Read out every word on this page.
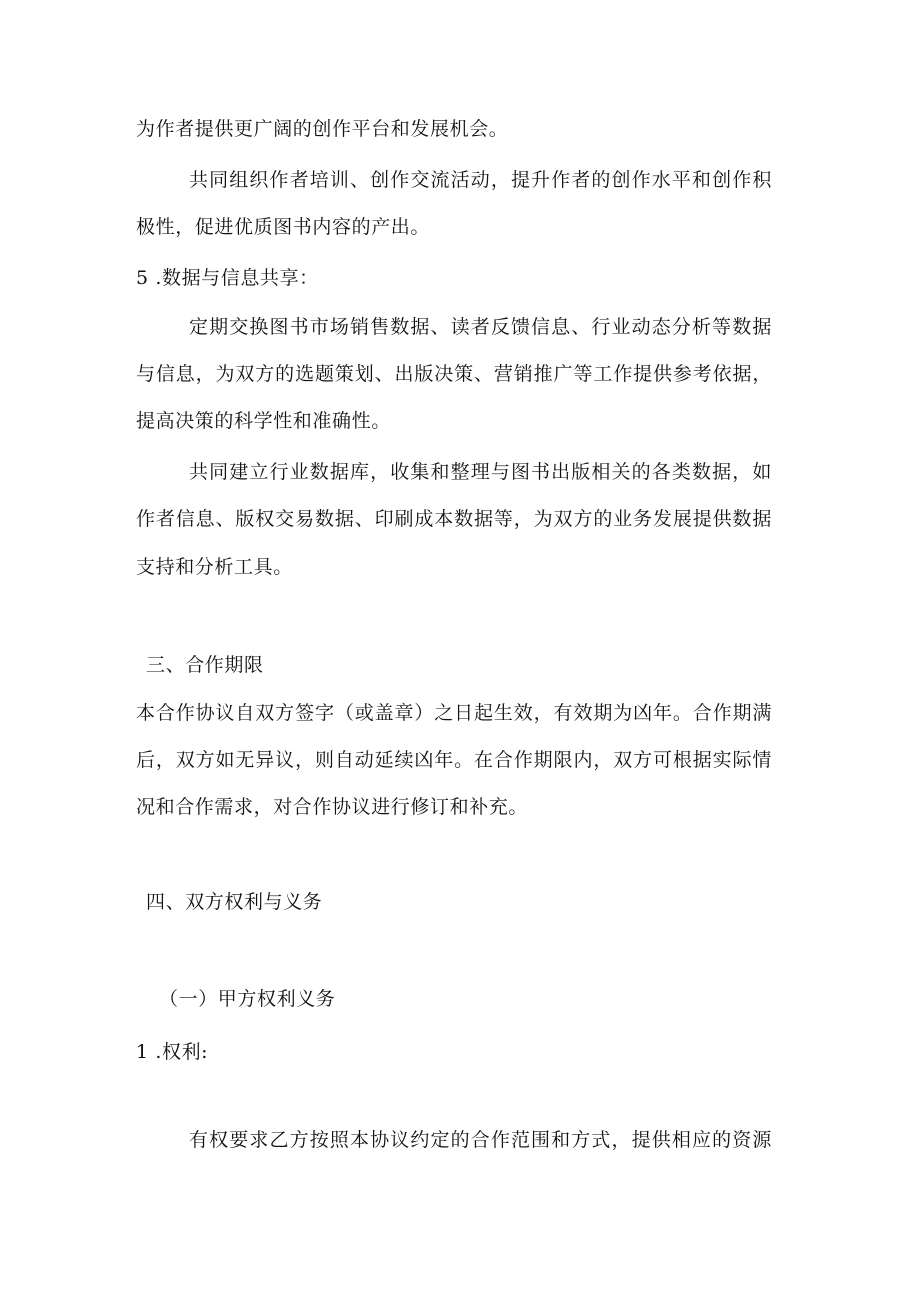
为作者提供更广阔的创作平台和发展机会。
共同组织作者培训、创作交流活动，提升作者的创作水平和创作积
极性，促进优质图书内容的产出。
5 .数据与信息共享：
定期交换图书市场销售数据、读者反馈信息、行业动态分析等数据
与信息，为双方的选题策划、出版决策、营销推广等工作提供参考依据，
提高决策的科学性和准确性。
共同建立行业数据库，收集和整理与图书出版相关的各类数据，如
作者信息、版权交易数据、印刷成本数据等，为双方的业务发展提供数据
支持和分析工具。
三、合作期限
本合作协议自双方签字（或盖章）之日起生效，有效期为凶年。合作期满
后，双方如无异议，则自动延续凶年。在合作期限内，双方可根据实际情
况和合作需求，对合作协议进行修订和补充。
四、双方权利与义务
（一）甲方权利义务
1 .权利:
有权要求乙方按照本协议约定的合作范围和方式，提供相应的资源
